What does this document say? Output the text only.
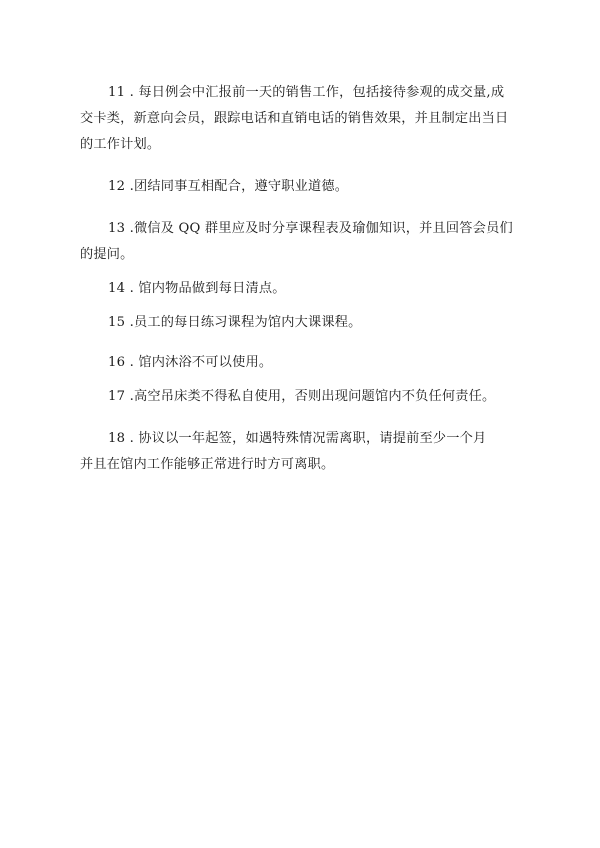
11 . 每日例会中汇报前一天的销售工作，包括接待参观的成交量,成
交卡类，新意向会员，跟踪电话和直销电话的销售效果，并且制定出当日
的工作计划。
12 .团结同事互相配合，遵守职业道德。
13 .微信及 QQ 群里应及时分享课程表及瑜伽知识，并且回答会员们
的提问。
14 . 馆内物品做到每日清点。
15 .员工的每日练习课程为馆内大课课程。
16 . 馆内沐浴不可以使用。
17 .高空吊床类不得私自使用，否则出现问题馆内不负任何责任。
18 . 协议以一年起签，如遇特殊情况需离职，请提前至少一个月
并且在馆内工作能够正常进行时方可离职。
